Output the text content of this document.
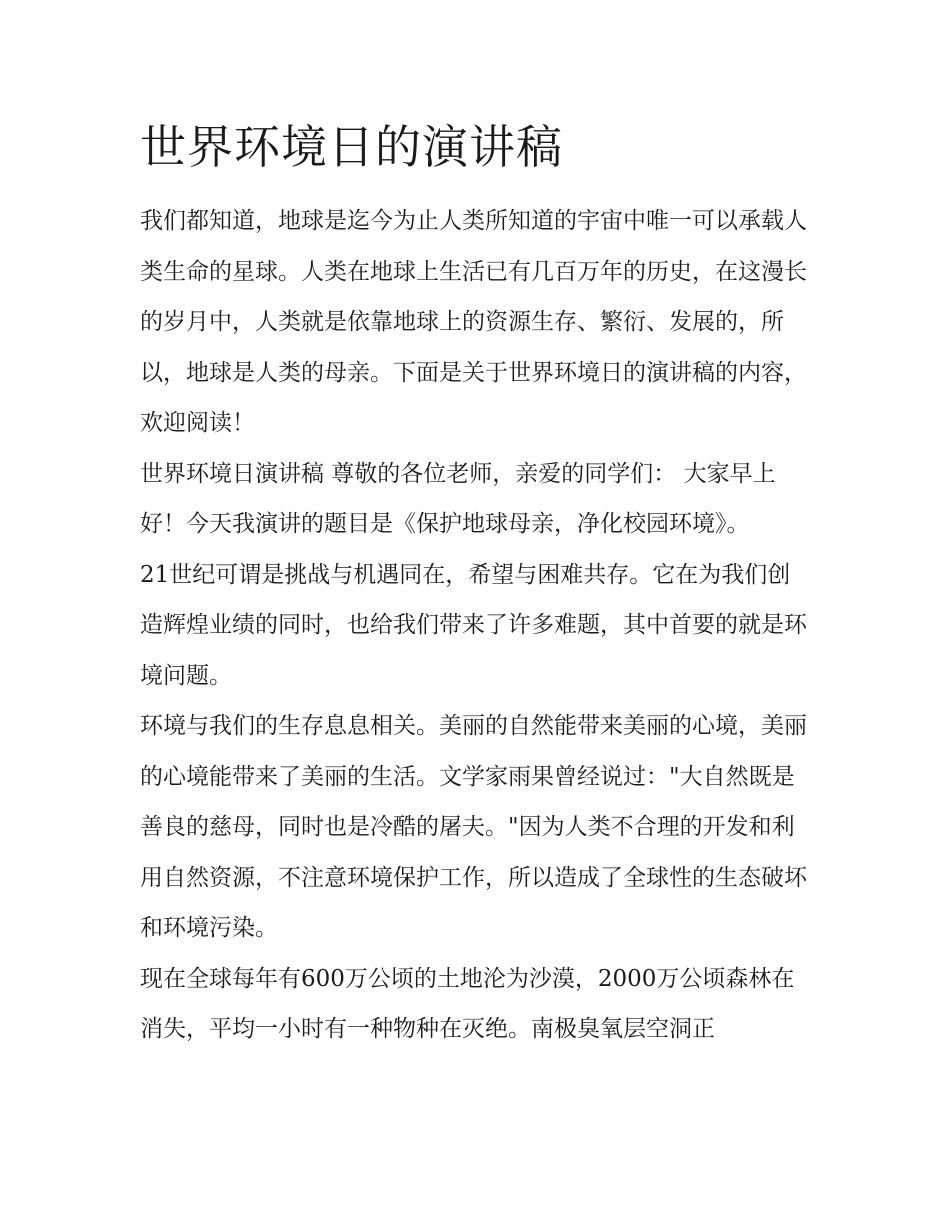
世界环境日的演讲稿

我们都知道，地球是迄今为止人类所知道的宇宙中唯一可以承载人类生命的星球。人类在地球上生活已有几百万年的历史，在这漫长的岁月中，人类就是依靠地球上的资源生存、繁衍、发展的，所以，地球是人类的母亲。下面是关于世界环境日的演讲稿的内容，欢迎阅读！

世界环境日演讲稿 尊敬的各位老师，亲爱的同学们： 大家早上好！今天我演讲的题目是《保护地球母亲，净化校园环境》。

21世纪可谓是挑战与机遇同在，希望与困难共存。它在为我们创造辉煌业绩的同时，也给我们带来了许多难题，其中首要的就是环境问题。

环境与我们的生存息息相关。美丽的自然能带来美丽的心境，美丽的心境能带来了美丽的生活。文学家雨果曾经说过："大自然既是善良的慈母，同时也是冷酷的屠夫。"因为人类不合理的开发和利用自然资源，不注意环境保护工作，所以造成了全球性的生态破坏和环境污染。

现在全球每年有600万公顷的土地沦为沙漠，2000万公顷森林在消失，平均一小时有一种物种在灭绝。南极臭氧层空洞正
